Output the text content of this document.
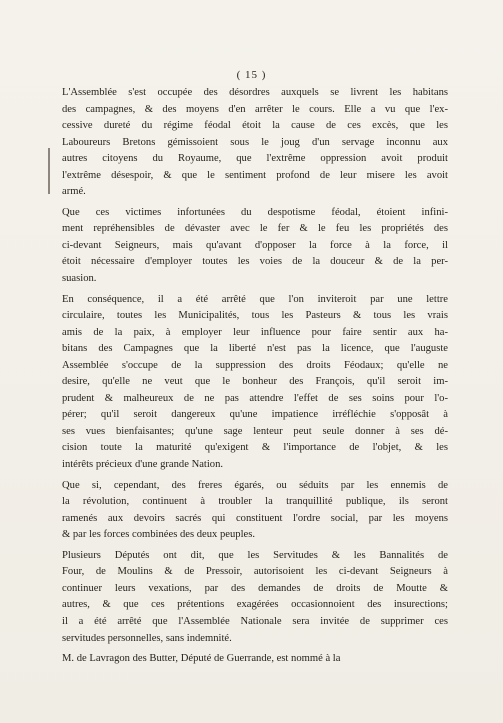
( 15 )
L'Assemblée s'est occupée des désordres auxquels se livrent les habitans
des campagnes, & des moyens d'en arrêter le cours. Elle a vu que l'ex-
cessive dureté du régime féodal étoit la cause de ces excès, que les
Laboureurs Bretons gémissoient sous le joug d'un servage inconnu aux
autres citoyens du Royaume, que l'extrême oppression avoit produit
l'extrême désespoir, & que le sentiment profond de leur misere les avoit
armé.
Que ces victimes infortunées du despotisme féodal, étoient infini-
ment repréhensibles de dévaster avec le fer & le feu les propriétés des
ci-devant Seigneurs, mais qu'avant d'opposer la force à la force, il
étoit nécessaire d'employer toutes les voies de la douceur & de la per-
suasion.
En conséquence, il a été arrêté que l'on inviteroit par une lettre
circulaire, toutes les Municipalités, tous les Pasteurs & tous les vrais
amis de la paix, à employer leur influence pour faire sentir aux ha-
bitans des Campagnes que la liberté n'est pas la licence, que l'auguste
Assemblée s'occupe de la suppression des droits Féodaux; qu'elle ne
desire, qu'elle ne veut que le bonheur des François, qu'il seroit im-
prudent & malheureux de ne pas attendre l'effet de ses soins pour l'o-
pérer; qu'il seroit dangereux qu'une impatience irréfléchie s'opposât à
ses vues bienfaisantes; qu'une sage lenteur peut seule donner à ses dé-
cision toute la maturité qu'exigent & l'importance de l'objet, & les
intérêts précieux d'une grande Nation.
Que si, cependant, des freres égarés, ou séduits par les ennemis de
la révolution, continuent à troubler la tranquillité publique, ils seront
ramenés aux devoirs sacrés qui constituent l'ordre social, par les moyens
& par les forces combinées des deux peuples.
Plusieurs Députés ont dit, que les Servitudes & les Bannalités de
Four, de Moulins & de Pressoir, autorisoient les ci-devant Seigneurs à
continuer leurs vexations, par des demandes de droits de Moutte &
autres, & que ces prétentions exagérées occasionnoient des insurections;
il a été arrêté que l'Assemblée Nationale sera invitée de supprimer ces
servitudes personnelles, sans indemnité.
M. de Lavragon des Butter, Député de Guerrande, est nommé à la
